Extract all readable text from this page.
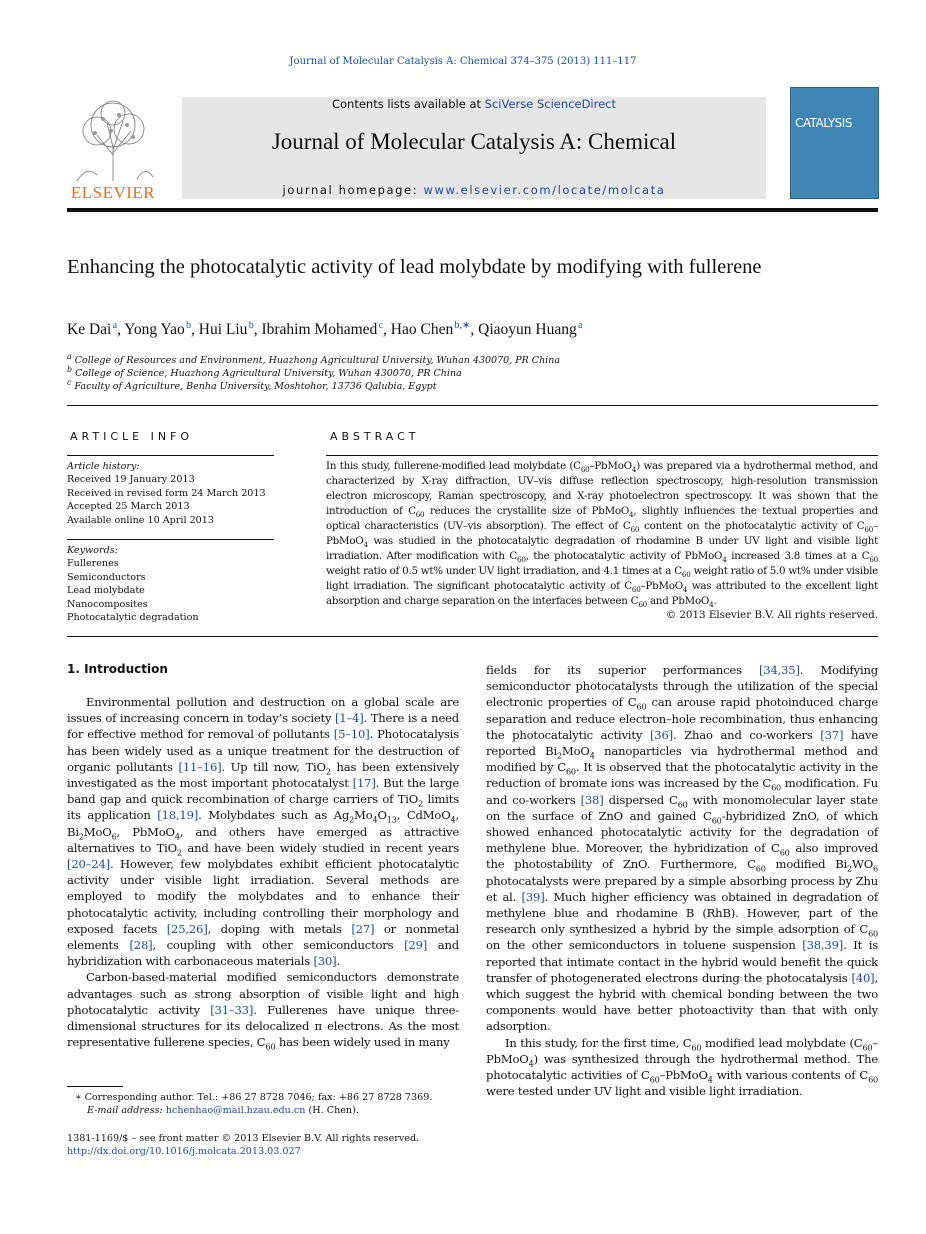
Journal of Molecular Catalysis A: Chemical 374–375 (2013) 111–117
ELSEVIER
Contents lists available at SciVerse ScienceDirect
Journal of Molecular Catalysis A: Chemical
journal homepage: www.elsevier.com/locate/molcata
CATALYSIS
Enhancing the photocatalytic activity of lead molybdate by modifying with fullerene
Ke Dai $^a$, Yong Yao $^b$, Hui Liu $^b$, Ibrahim Mohamed $^c$, Hao Chen $^{b,∗}$, Qiaoyun Huang $^a$
$^a$ College of Resources and Environment, Huazhong Agricultural University, Wuhan 430070, PR China
$^b$ College of Science, Huazhong Agricultural University, Wuhan 430070, PR China
$^c$ Faculty of Agriculture, Benha University, Moshtohor, 13736 Qalubia, Egypt
ARTICLE INFO
Article history:
Received 19 January 2013
Received in revised form 24 March 2013
Accepted 25 March 2013
Available online 10 April 2013
Keywords:
Fullerenes
Semiconductors
Lead molybdate
Nanocomposites
Photocatalytic degradation
ABSTRACT
In this study, fullerene-modified lead molybdate $(C_{60}-PbMoO_4)$ was prepared via a hydrothermal method, and characterized by X-ray diffraction, UV–vis diffuse reflection spectroscopy, high-resolution transmission electron microscopy, Raman spectroscopy, and X-ray photoelectron spectroscopy. It was shown that the introduction of $C_{60}$ reduces the crystallite size of PbMoO$_4$, slightly influences the textual properties and optical characteristics (UV–vis absorption). The effect of $C_{60}$ content on the photocatalytic activity of $C_{60}-PbMoO_4$ was studied in the photocatalytic degradation of rhodamine B under UV light and visible light irradiation. After modification with $C_{60}$, the photocatalytic activity of PbMoO$_4$ increased 3.8 times at a $C_{60}$ weight ratio of 0.5 wt% under UV light irradiation, and 4.1 times at a $C_{60}$ weight ratio of 5.0 wt% under visible light irradiation. The significant photocatalytic activity of $C_{60}-PbMoO_4$ was attributed to the excellent light absorption and charge separation on the interfaces between $C_{60}$ and PbMoO$_4$.
© 2013 Elsevier B.V. All rights reserved.
1. Introduction

Environmental pollution and destruction on a global scale are issues of increasing concern in today’s society [1–4]. There is a need for effective method for removal of pollutants [5–10]. Photocatalysis has been widely used as a unique treatment for the destruction of organic pollutants [11–16]. Up till now, TiO$_2$ has been extensively investigated as the most important photocatalyst [17]. But the large band gap and quick recombination of charge carriers of TiO$_2$ limits its application [18,19]. Molybdates such as $Ag_2Mo_4O_{13}$, CdMoO$_4$, $Bi_2MoO_6$, PbMoO$_4$, and others have emerged as attractive alternatives to TiO$_2$ and have been widely studied in recent years [20–24]. However, few molybdates exhibit efficient photocatalytic activity under visible light irradiation. Several methods are employed to modify the molybdates and to enhance their photocatalytic activity, including controlling their morphology and exposed facets [25,26], doping with metals [27] or nonmetal elements [28], coupling with other semiconductors [29] and hybridization with carbonaceous materials [30].

Carbon-based-material modified semiconductors demonstrate advantages such as strong absorption of visible light and high photocatalytic activity [31–33]. Fullerenes have unique three-dimensional structures for its delocalized π electrons. As the most representative fullerene species, $C_{60}$ has been widely used in many

fields for its superior performances [34,35]. Modifying semiconductor photocatalysts through the utilization of the special electronic properties of $C_{60}$ can arouse rapid photoinduced charge separation and reduce electron–hole recombination, thus enhancing the photocatalytic activity [36]. Zhao and co-workers [37] have reported $Bi_2MoO_4$ nanoparticles via hydrothermal method and modified by $C_{60}$. It is observed that the photocatalytic activity in the reduction of bromate ions was increased by the $C_{60}$ modification. Fu and co-workers [38] dispersed $C_{60}$ with monomolecular layer state on the surface of ZnO and gained $C_{60}$-hybridized ZnO, of which showed enhanced photocatalytic activity for the degradation of methylene blue. Moreover, the hybridization of $C_{60}$ also improved the photostability of ZnO. Furthermore, $C_{60}$ modified $Bi_2WO_6$ photocatalysts were prepared by a simple absorbing process by Zhu et al. [39]. Much higher efficiency was obtained in degradation of methylene blue and rhodamine B (RhB). However, part of the research only synthesized a hybrid by the simple adsorption of $C_{60}$ on the other semiconductors in toluene suspension [38,39]. It is reported that intimate contact in the hybrid would benefit the quick transfer of photogenerated electrons during the photocatalysis [40], which suggest the hybrid with chemical bonding between the two components would have better photoactivity than that with only adsorption.

In this study, for the first time, $C_{60}$ modified lead molybdate $(C_{60}-PbMoO_4)$ was synthesized through the hydrothermal method. The photocatalytic activities of $C_{60}-PbMoO_4$ with various contents of $C_{60}$ were tested under UV light and visible light irradiation.

∗ Corresponding author. Tel.: +86 27 8728 7046; fax: +86 27 8728 7369.
E-mail address: hchenhao@mail.hzau.edu.cn (H. Chen).
1381-1169/$ – see front matter © 2013 Elsevier B.V. All rights reserved.
http://dx.doi.org/10.1016/j.molcata.2013.03.027
